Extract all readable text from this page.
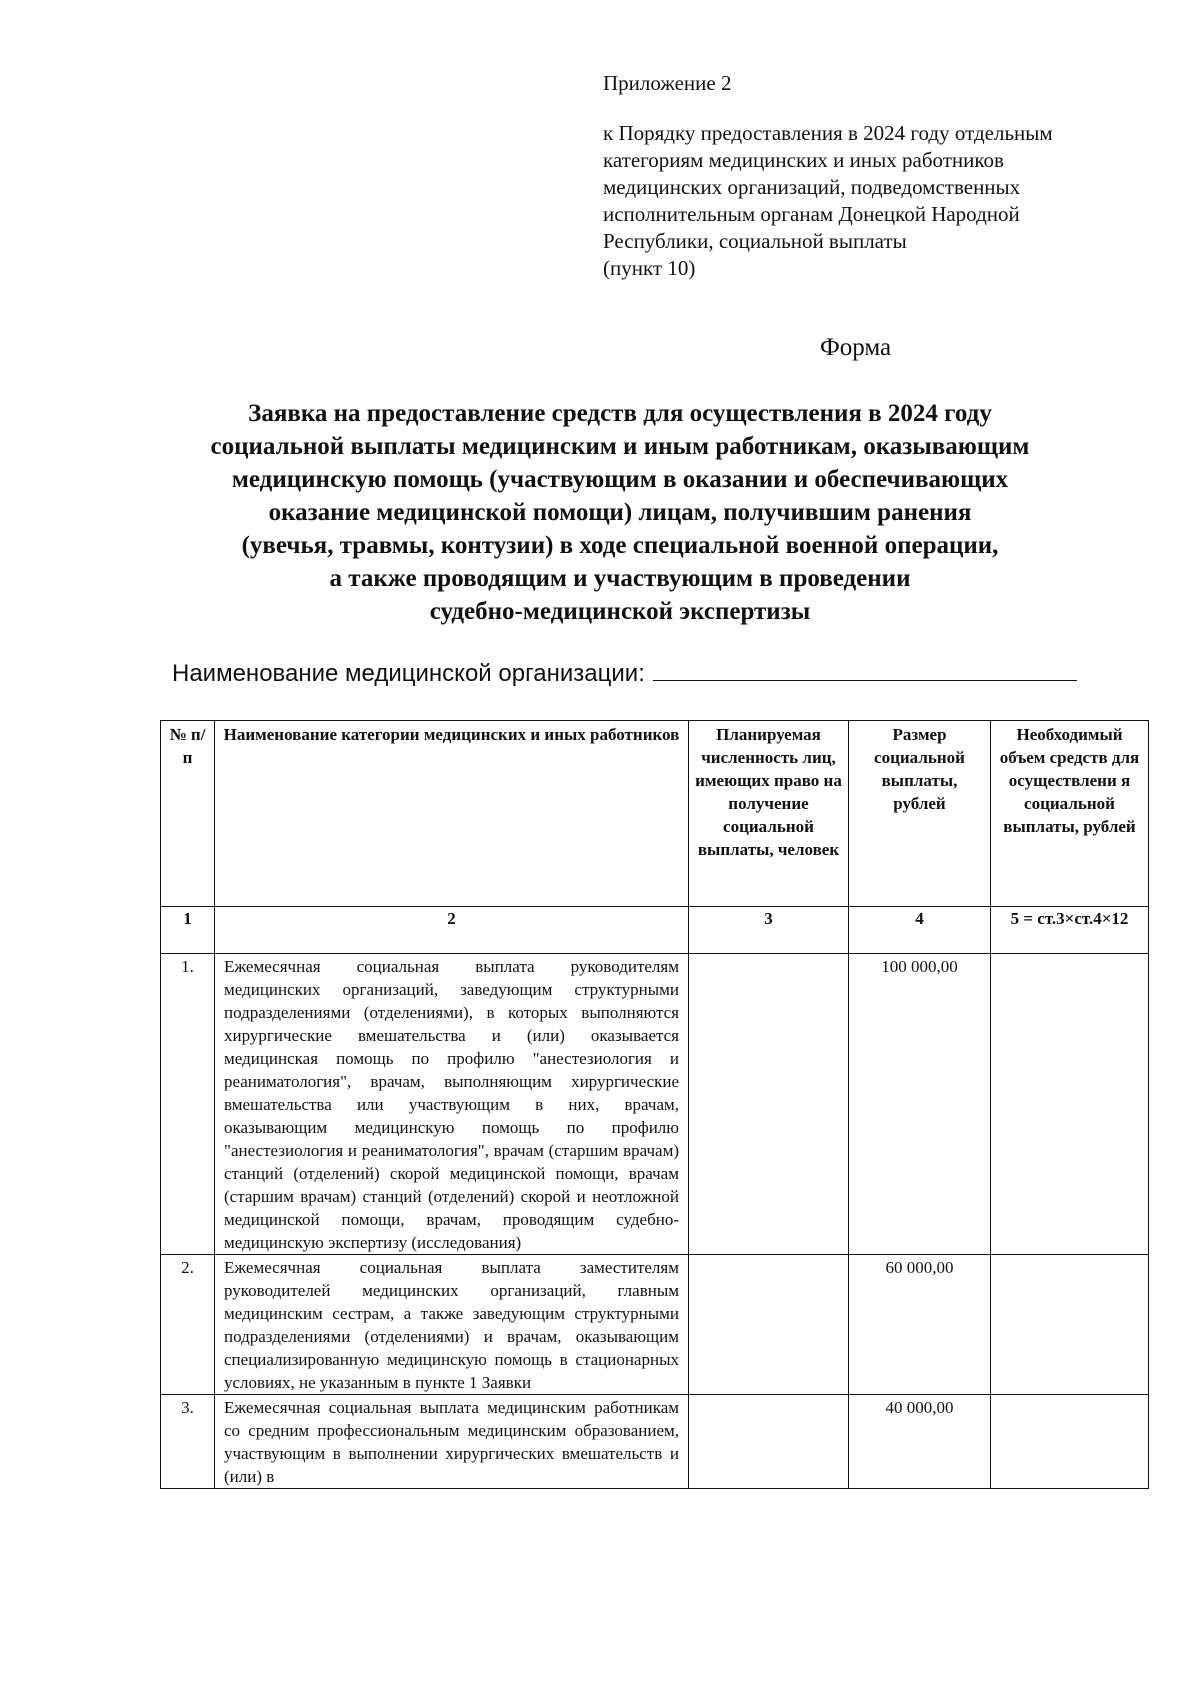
Приложение 2

к Порядку предоставления в 2024 году отдельным

категориям медицинских и иных работников

медицинских организаций, подведомственных

исполнительным органам Донецкой Народной

Республики, социальной выплаты

(пункт 10)

Форма

Заявка на предоставление средств для осуществления в 2024 году

социальной выплаты медицинским и иным работникам, оказывающим

медицинскую помощь (участвующим в оказании и обеспечивающих

оказание медицинской помощи) лицам, получившим ранения

(увечья, травмы, контузии) в ходе специальной военной операции,

а также проводящим и участвующим в проведении

судебно-медицинской экспертизы

Наименование медицинской организации:
№ п/п	Наименование категории медицинских и иных работников	Планируемая численность лиц, имеющих право на получение социальной выплаты, человек	Размер социальной выплаты, рублей	Необходимый объем средств для осуществлени я социальной выплаты, рублей
1	2	3	4	5 = ст.3×ст.4×12
1.	Ежемесячная социальная выплата руководителям медицинских организаций, заведующим структурными подразделениями (отделениями), в которых выполняются хирургические вмешательства и (или) оказывается медицинская помощь по профилю "анестезиология и реаниматология", врачам, выполняющим хирургические вмешательства или участвующим в них, врачам, оказывающим медицинскую помощь по профилю "анестезиология и реаниматология", врачам (старшим врачам) станций (отделений) скорой медицинской помощи, врачам (старшим врачам) станций (отделений) скорой и неотложной медицинской помощи, врачам, проводящим судебно-медицинскую экспертизу (исследования)		100 000,00	
2.	Ежемесячная социальная выплата заместителям руководителей медицинских организаций, главным медицинским сестрам, а также заведующим структурными подразделениями (отделениями) и врачам, оказывающим специализированную медицинскую помощь в стационарных условиях, не указанным в пункте 1 Заявки		60 000,00	
3.	Ежемесячная социальная выплата медицинским работникам со средним профессиональным медицинским образованием, участвующим в выполнении хирургических вмешательств и (или) в		40 000,00	
